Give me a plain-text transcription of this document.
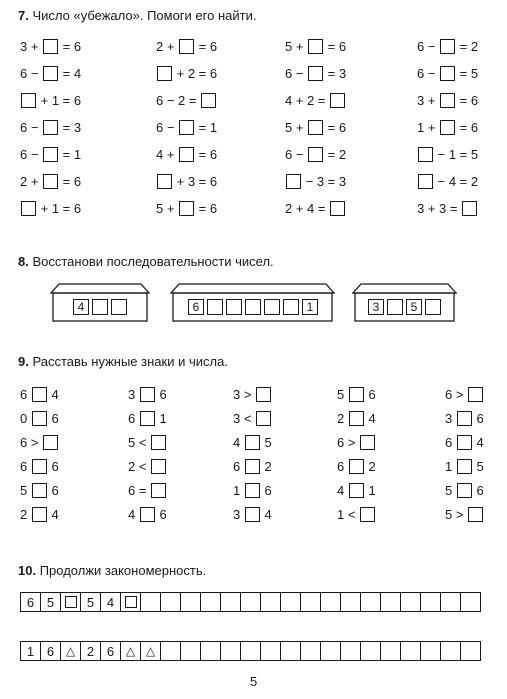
7. Число «убежало». Помоги его найти.
3 + = 6	2 + = 6	5 + = 6	6 − = 2
6 − = 4	+ 2 = 6	6 − = 3	6 − = 5
+ 1 = 6	6 − 2 =	4 + 2 =	3 + = 6
6 − = 3	6 − = 1	5 + = 6	1 + = 6
6 − = 1	4 + = 6	6 − = 2	− 1 = 5
2 + = 6	+ 3 = 6	− 3 = 3	− 4 = 2
+ 1 = 6	5 + = 6	2 + 4 =	3 + 3 =
8. Восстанови последовательности чисел.
4	6	1	3	5
9. Расставь нужные знаки и числа.
6 4	3 6	3 >	5 6	6 >
0 6	6 1	3 <	2 4	3 6
6 >	5 <	4 5	6 >	6 4
6 6	2 <	6 2	6 2	1 5
5 6	6 =	1 6	4 1	5 6
2 4	4 6	3 4	1 <	5 >
10. Продолжи закономерность.
6 5	5 4
1 6 △ 2 6 △ △
5
